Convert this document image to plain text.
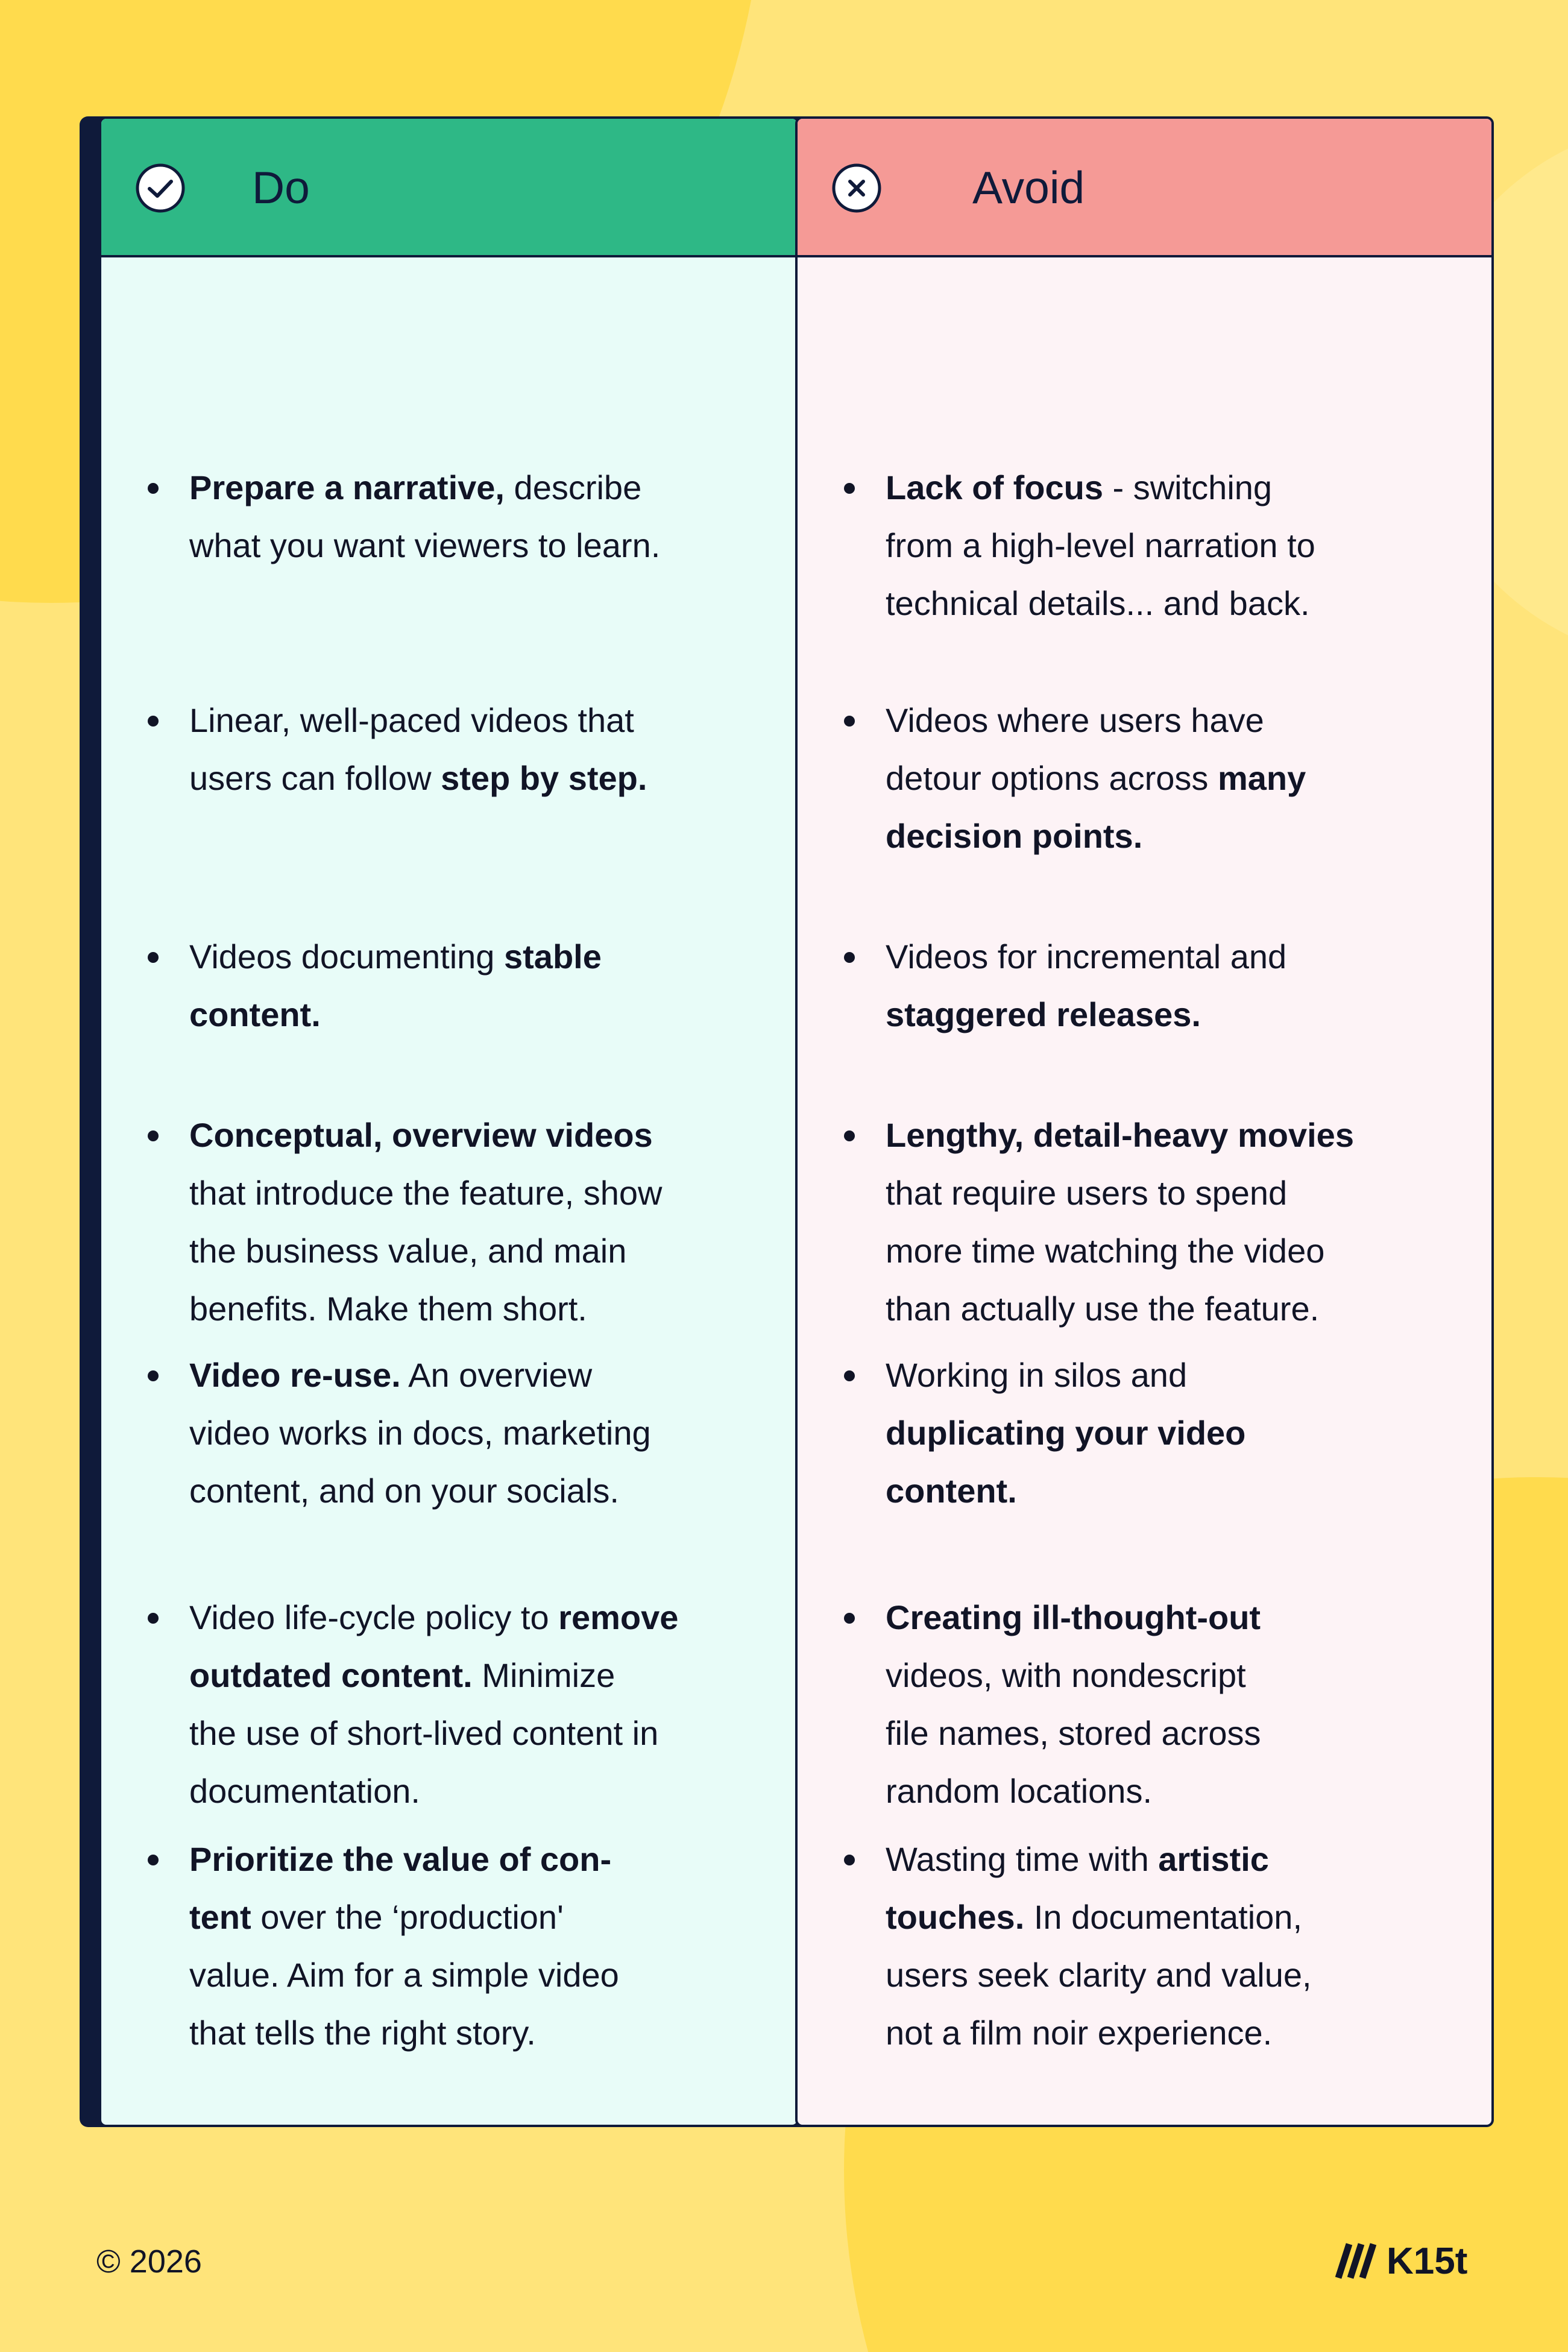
Do
Prepare a narrative, describe
what you want viewers to learn.
Linear, well-paced videos that
users can follow step by step.
Videos documenting stable
content.
Conceptual, overview videos
that introduce the feature, show
the business value, and main
benefits. Make them short.
Video re-use. An overview
video works in docs, marketing
content, and on your socials.
Video life-cycle policy to remove
outdated content. Minimize
the use of short-lived content in
documentation.
Prioritize the value of con-
tent over the ‘production'
value. Aim for a simple video
that tells the right story.
Avoid
Lack of focus - switching
from a high-level narration to
technical details... and back.
Videos where users have
detour options across many
decision points.
Videos for incremental and
staggered releases.
Lengthy, detail-heavy movies
that require users to spend
more time watching the video
than actually use the feature.
Working in silos and
duplicating your video
content.
Creating ill-thought-out
videos, with nondescript
file names, stored across
random locations.
Wasting time with artistic
touches. In documentation,
users seek clarity and value,
not a film noir experience.
© 2026	K15t
